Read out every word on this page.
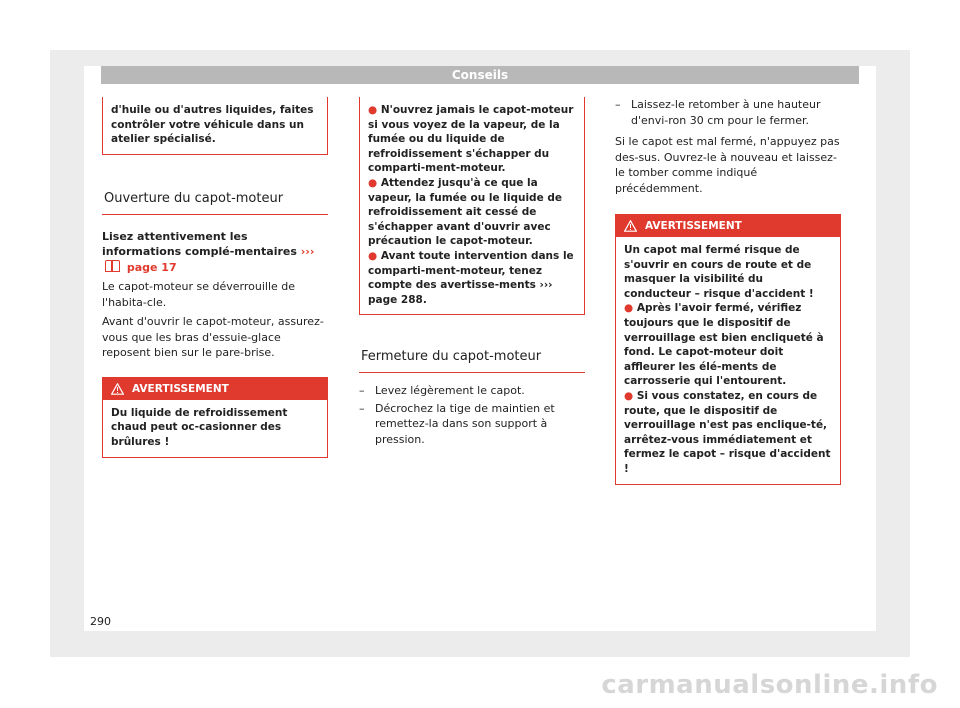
Conseils
d'huile ou d'autres liquides, faites contrôler votre véhicule dans un atelier spécialisé.
Ouverture du capot-moteur

Lisez attentivement les informations complé-mentaires ›››  page 17

Le capot-moteur se déverrouille de l'habita-cle.

Avant d'ouvrir le capot-moteur, assurez-vous que les bras d'essuie-glace reposent bien sur le pare-brise.

AVERTISSEMENT
Du liquide de refroidissement chaud peut oc-casionner des brûlures !
● N'ouvrez jamais le capot-moteur si vous voyez de la vapeur, de la fumée ou du liquide de refroidissement s'échapper du comparti-ment-moteur.
● Attendez jusqu'à ce que la vapeur, la fumée ou le liquide de refroidissement ait cessé de s'échapper avant d'ouvrir avec précaution le capot-moteur.
● Avant toute intervention dans le comparti-ment-moteur, tenez compte des avertisse-ments ››› page 288.
Fermeture du capot-moteur
– Levez légèrement le capot.
– Décrochez la tige de maintien et remettez-la dans son support à pression.
– Laissez-le retomber à une hauteur d'envi-ron 30 cm pour le fermer.

Si le capot est mal fermé, n'appuyez pas des-sus. Ouvrez-le à nouveau et laissez-le tomber comme indiqué précédemment.

AVERTISSEMENT
Un capot mal fermé risque de s'ouvrir en cours de route et de masquer la visibilité du conducteur – risque d'accident !
● Après l'avoir fermé, vérifiez toujours que le dispositif de verrouillage est bien encliqueté à fond. Le capot-moteur doit affleurer les élé-ments de carrosserie qui l'entourent.
● Si vous constatez, en cours de route, que le dispositif de verrouillage n'est pas enclique-té, arrêtez-vous immédiatement et fermez le capot – risque d'accident !
290
carmanualsonline.info
